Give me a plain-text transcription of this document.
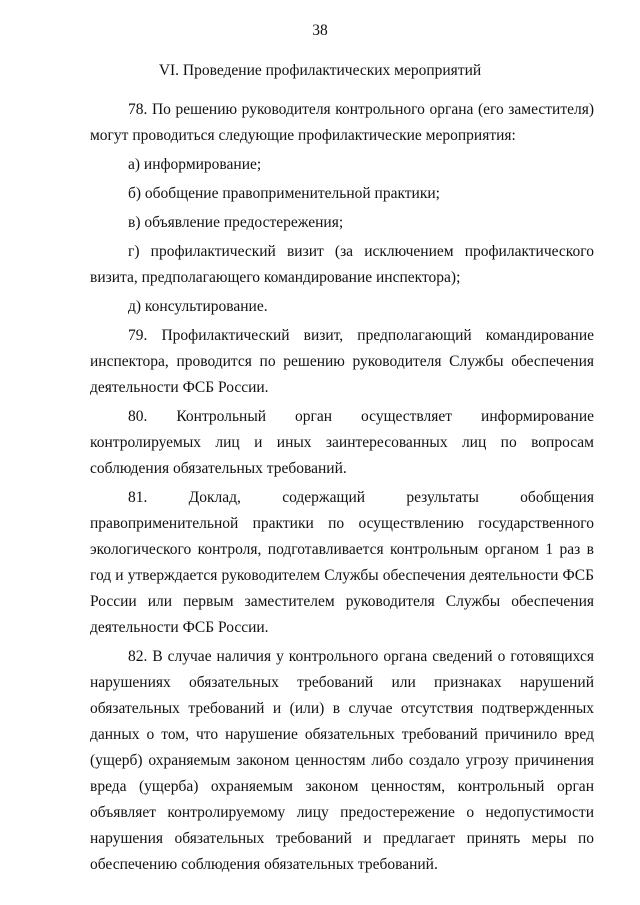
38
VI. Проведение профилактических мероприятий

78. По решению руководителя контрольного органа (его заместителя) могут проводиться следующие профилактические мероприятия:

а) информирование;

б) обобщение правоприменительной практики;

в) объявление предостережения;

г) профилактический визит (за исключением профилактического визита, предполагающего командирование инспектора);

д) консультирование.

79. Профилактический визит, предполагающий командирование инспектора, проводится по решению руководителя Службы обеспечения деятельности ФСБ России.

80. Контрольный орган осуществляет информирование контролируемых лиц и иных заинтересованных лиц по вопросам соблюдения обязательных требований.

81. Доклад, содержащий результаты обобщения правоприменительной практики по осуществлению государственного экологического контроля, подготавливается контрольным органом 1 раз в год и утверждается руководителем Службы обеспечения деятельности ФСБ России или первым заместителем руководителя Службы обеспечения деятельности ФСБ России.

82. В случае наличия у контрольного органа сведений о готовящихся нарушениях обязательных требований или признаках нарушений обязательных требований и (или) в случае отсутствия подтвержденных данных о том, что нарушение обязательных требований причинило вред (ущерб) охраняемым законом ценностям либо создало угрозу причинения вреда (ущерба) охраняемым законом ценностям, контрольный орган объявляет контролируемому лицу предостережение о недопустимости нарушения обязательных требований и предлагает принять меры по обеспечению соблюдения обязательных требований.
